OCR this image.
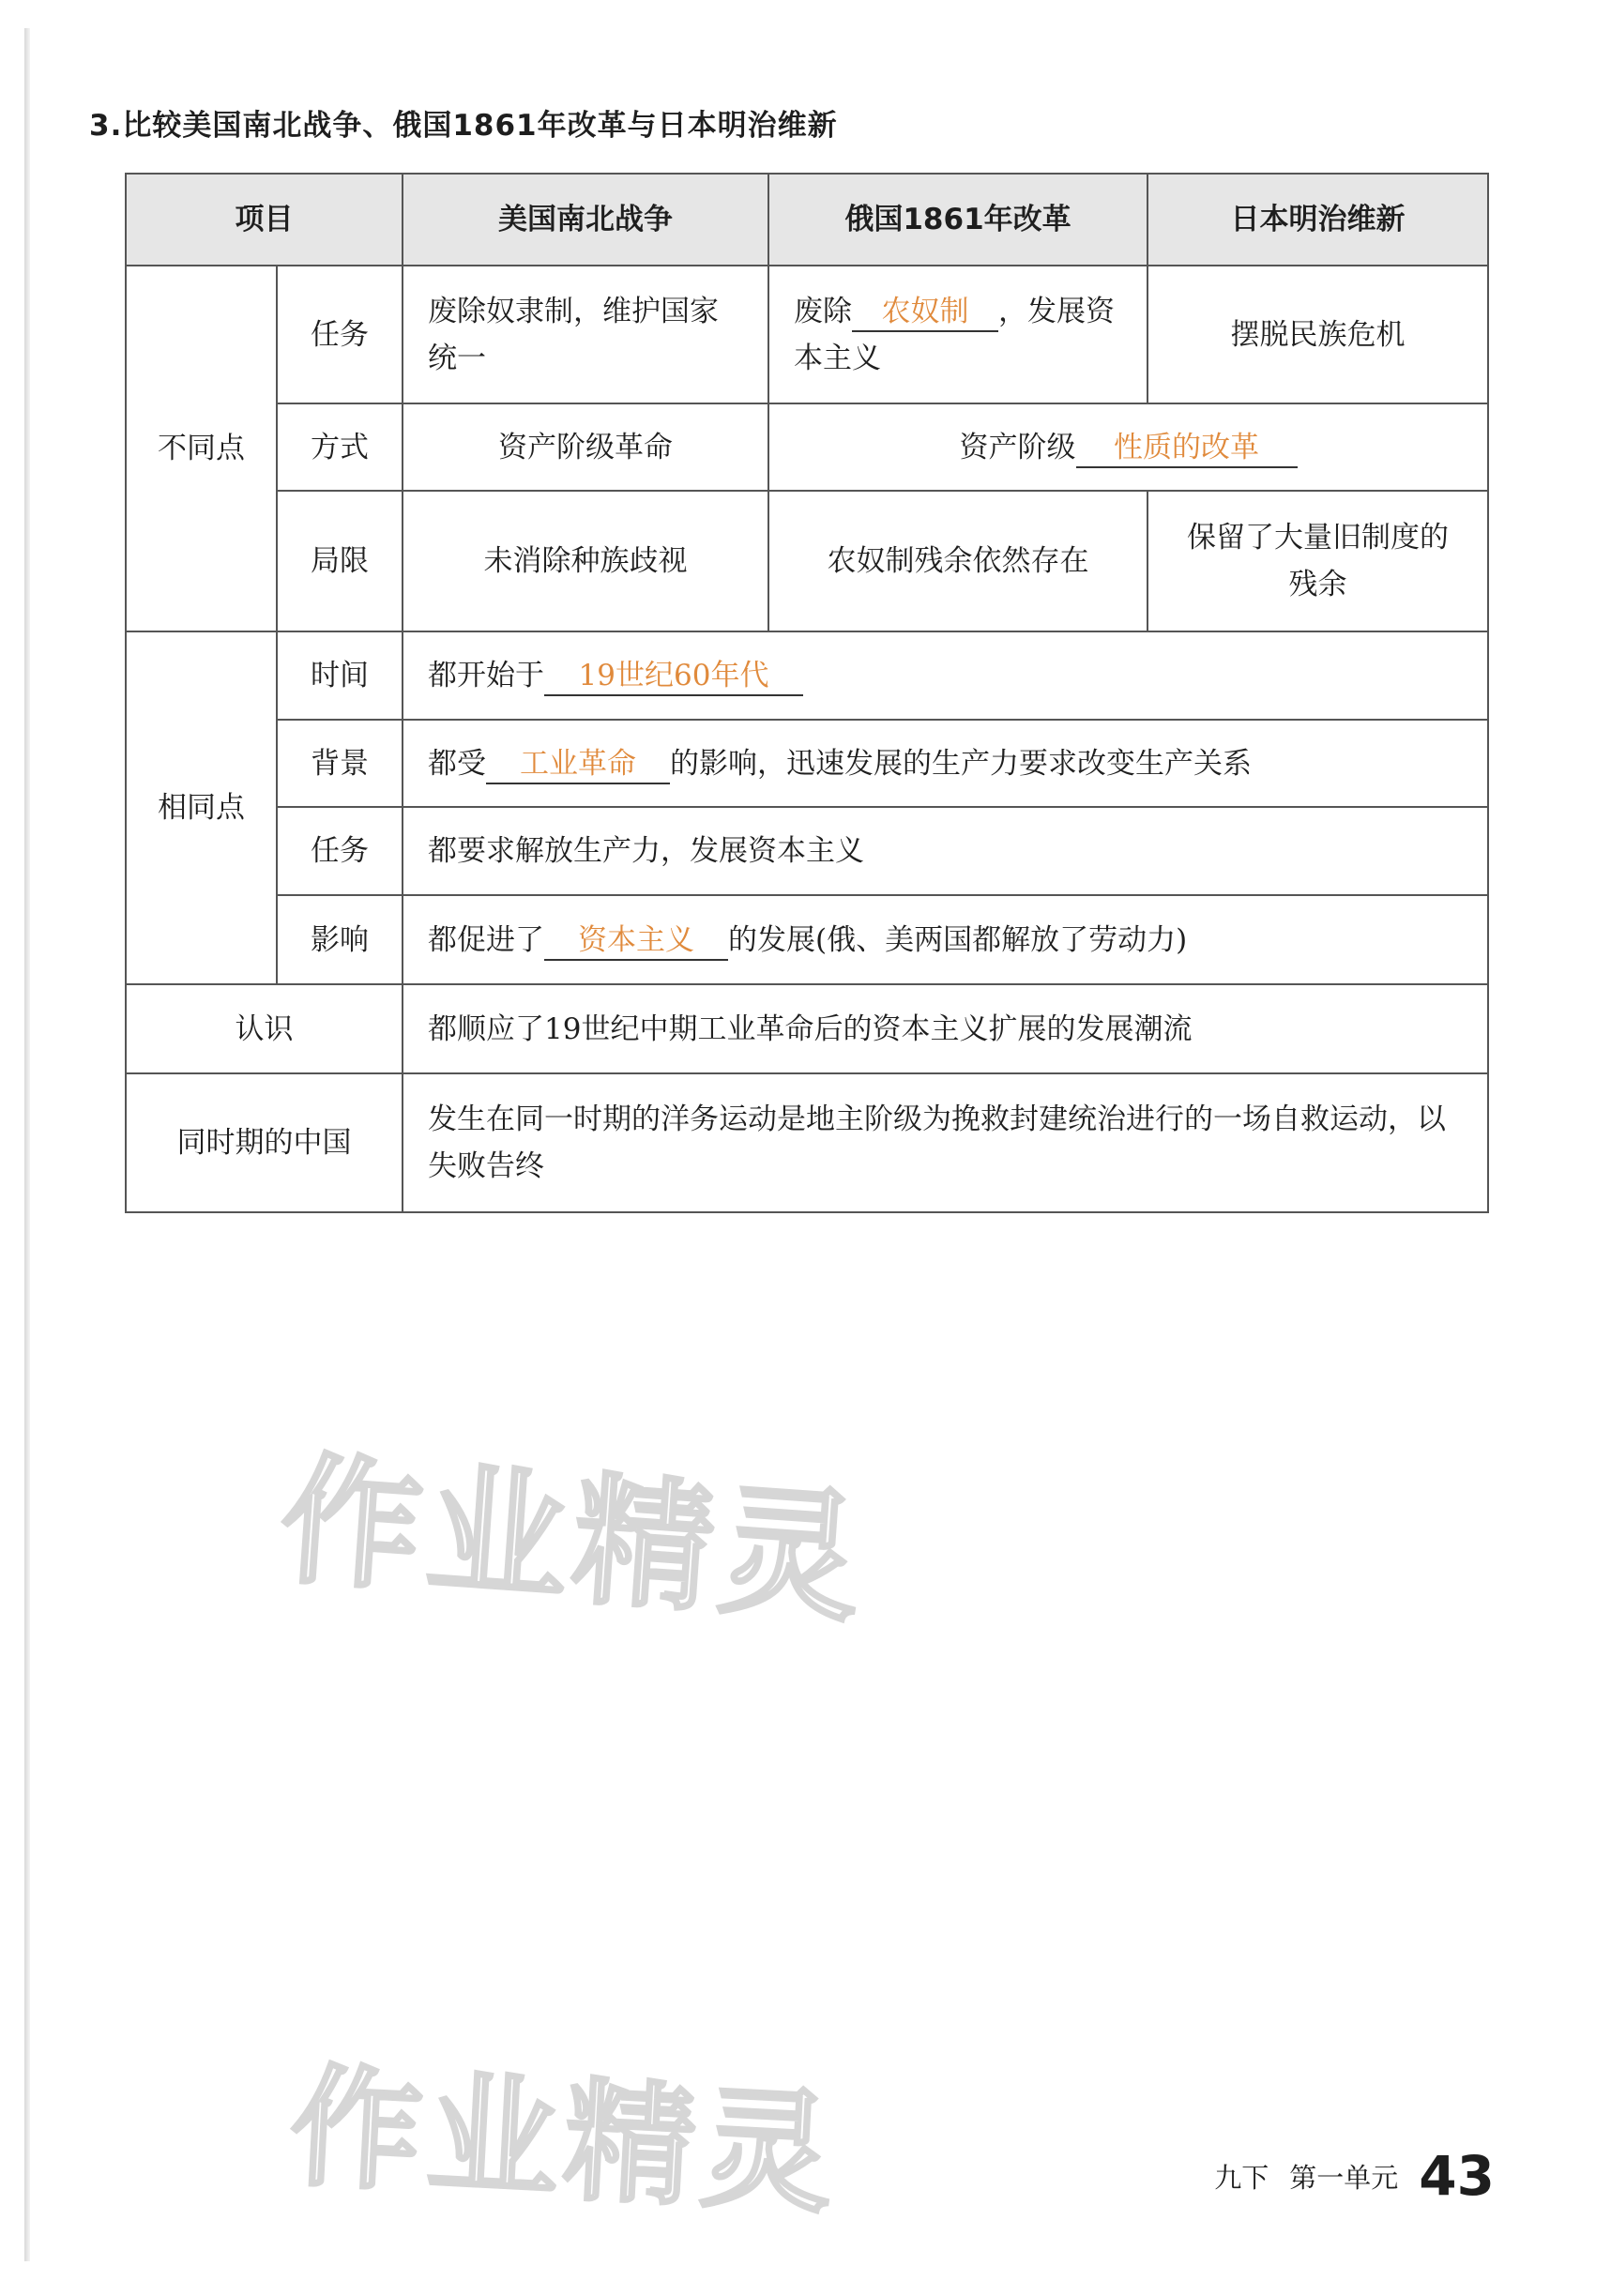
3.比较美国南北战争、俄国1861年改革与日本明治维新
项目		美国南北战争	俄国1861年改革	日本明治维新
不同点	任务	废除奴隶制，维护国家统一	废除 农奴制 ，发展资本主义	摆脱民族危机
	方式	资产阶级革命	资产阶级 性质的改革	
	局限	未消除种族歧视	农奴制残余依然存在	保留了大量旧制度的残余
相同点	时间	都开始于 19世纪60年代		
	背景	都受 工业革命 的影响，迅速发展的生产力要求改变生产关系		
	任务	都要求解放生产力，发展资本主义		
	影响	都促进了 资本主义 的发展(俄、美两国都解放了劳动力)		
认识		都顺应了19世纪中期工业革命后的资本主义扩展的发展潮流		
同时期的中国		发生在同一时期的洋务运动是地主阶级为挽救封建统治进行的一场自救运动，以失败告终		
作业精灵
作业精灵	九下 第一单元 43
